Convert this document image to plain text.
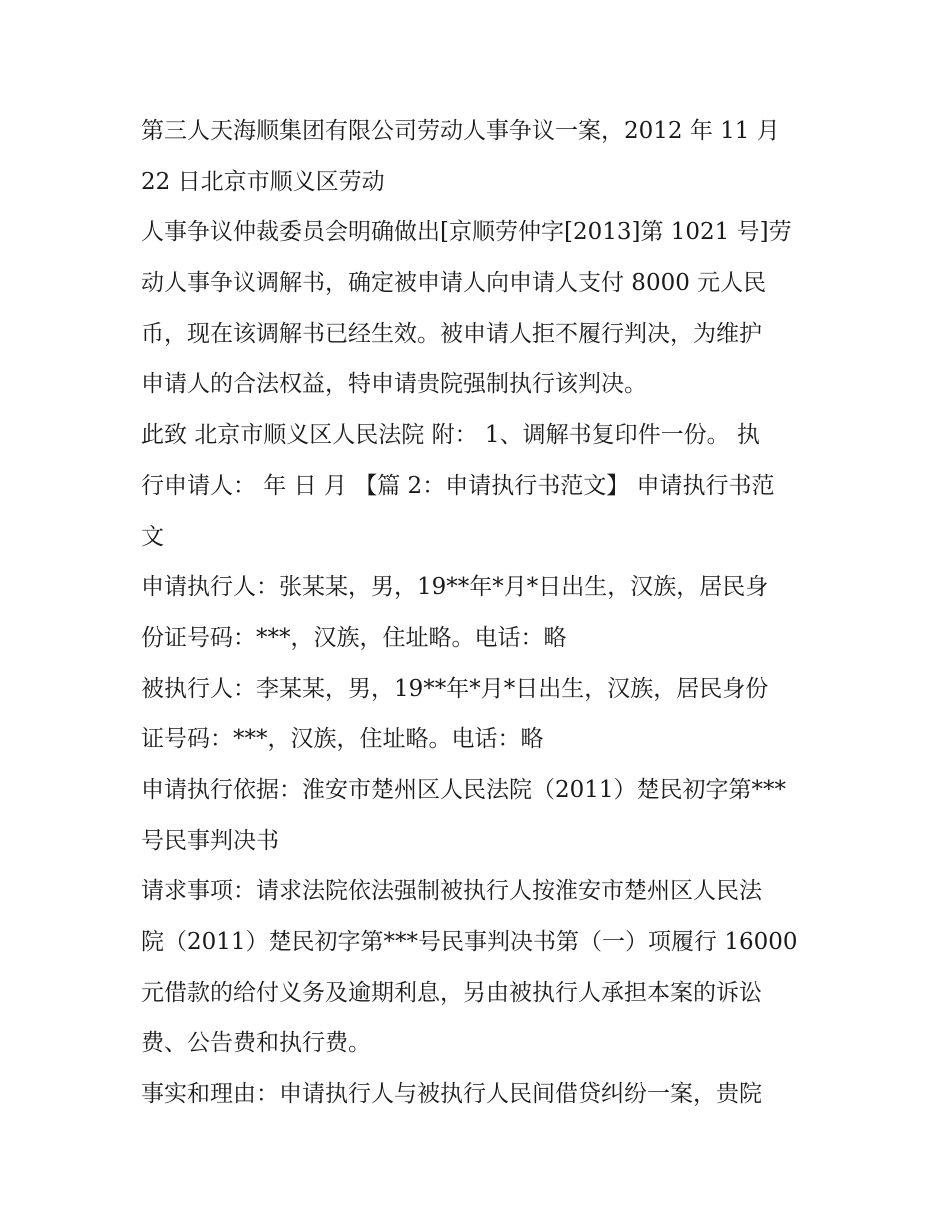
第三人天海顺集团有限公司劳动人事争议一案，2012 年 11 月
22 日北京市顺义区劳动
人事争议仲裁委员会明确做出[京顺劳仲字[2013]第 1021 号]劳
动人事争议调解书，确定被申请人向申请人支付 8000 元人民
币，现在该调解书已经生效。被申请人拒不履行判决，为维护
申请人的合法权益，特申请贵院强制执行该判决。
此致 北京市顺义区人民法院 附： 1、调解书复印件一份。 执
行申请人： 年 日 月 【篇 2：申请执行书范文】 申请执行书范
文
申请执行人：张某某，男，19**年*月*日出生，汉族，居民身
份证号码：***，汉族，住址略。电话：略
被执行人：李某某，男，19**年*月*日出生，汉族，居民身份
证号码：***，汉族，住址略。电话：略
申请执行依据：淮安市楚州区人民法院（2011）楚民初字第***
号民事判决书
请求事项：请求法院依法强制被执行人按淮安市楚州区人民法
院（2011）楚民初字第***号民事判决书第（一）项履行 16000
元借款的给付义务及逾期利息，另由被执行人承担本案的诉讼
费、公告费和执行费。
事实和理由：申请执行人与被执行人民间借贷纠纷一案，贵院
